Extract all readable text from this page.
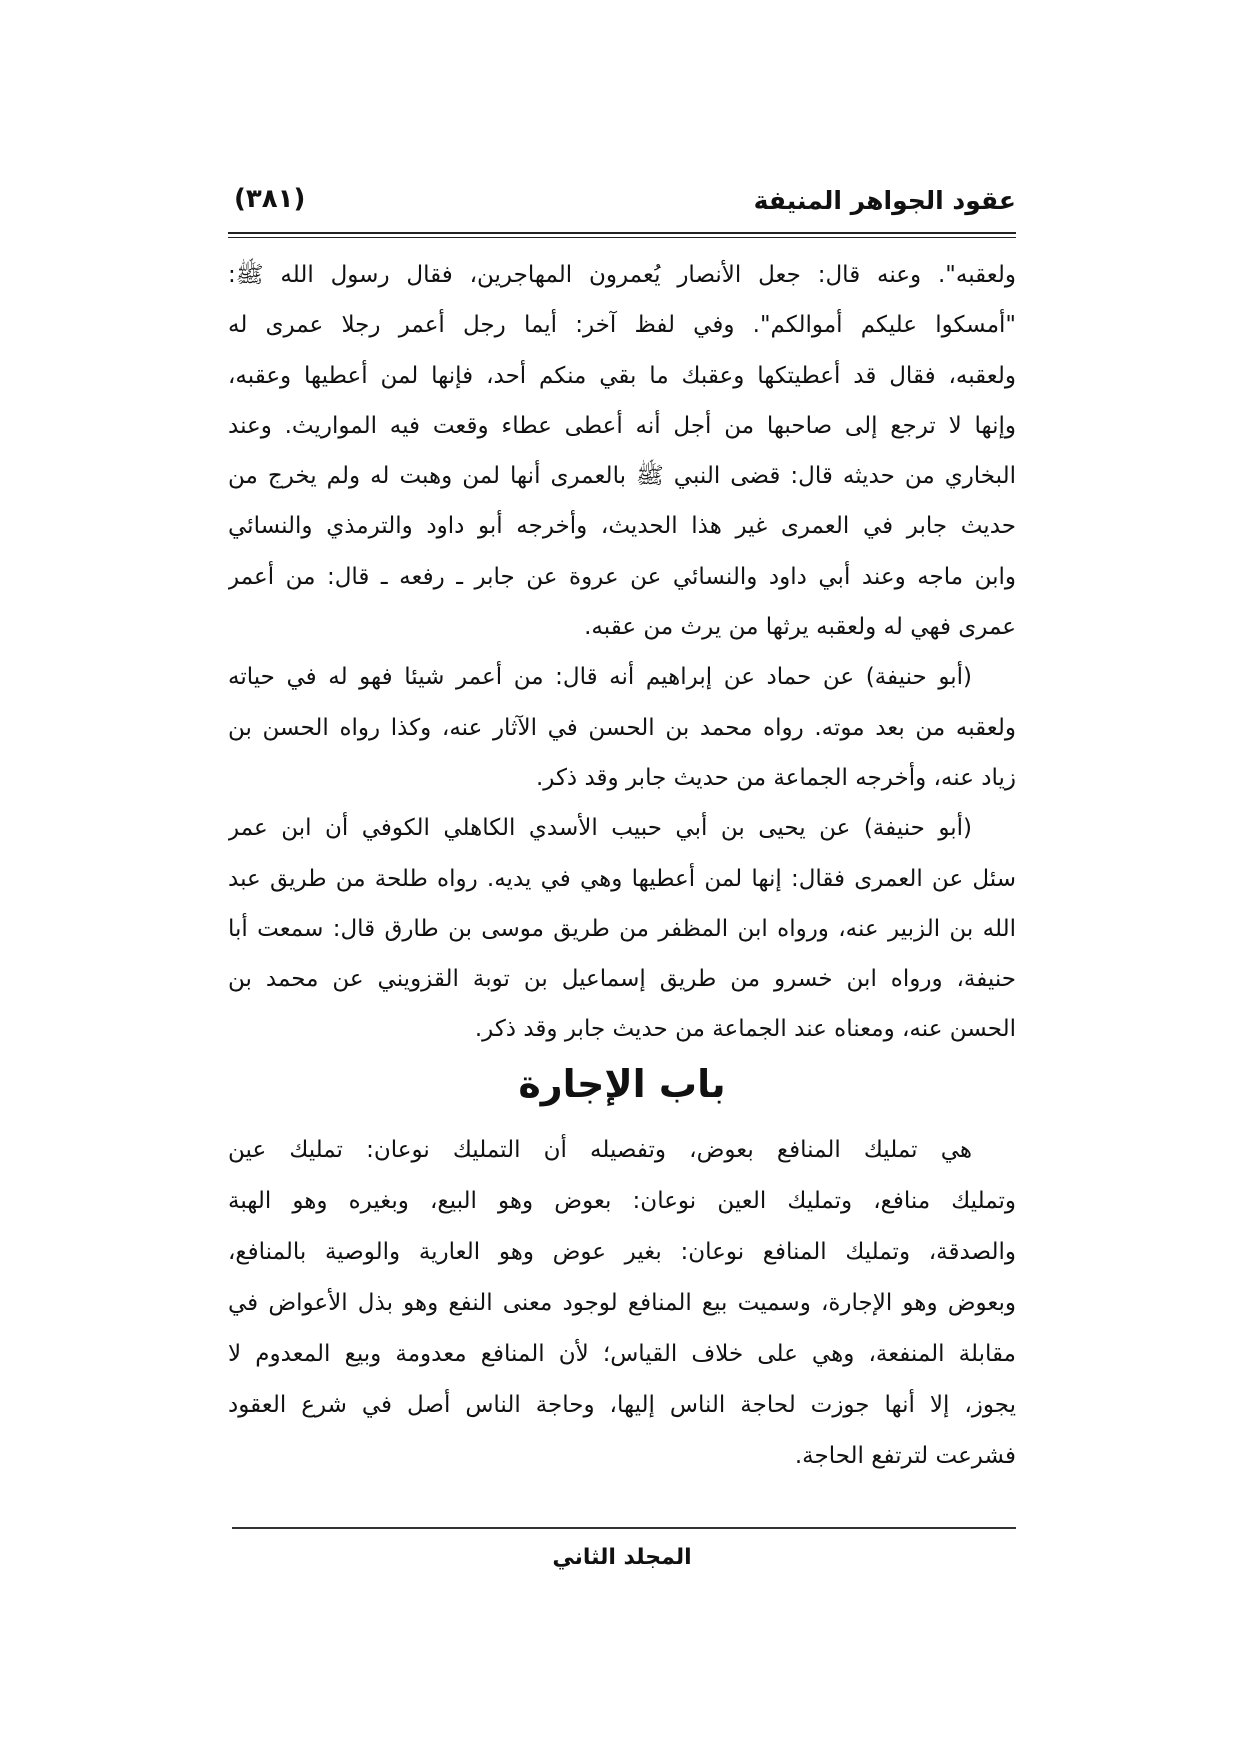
عقود الجواهر المنيفة
(٣٨١)
ولعقبه". وعنه قال: جعل الأنصار يُعمرون المهاجرين، فقال رسول الله ﷺ:
"أمسكوا عليكم أموالكم". وفي لفظ آخر: أيما رجل أعمر رجلا عمرى له
ولعقبه، فقال قد أعطيتكها وعقبك ما بقي منكم أحد، فإنها لمن أعطيها وعقبه،
وإنها لا ترجع إلى صاحبها من أجل أنه أعطى عطاء وقعت فيه المواريث. وعند
البخاري من حديثه قال: قضى النبي ﷺ بالعمرى أنها لمن وهبت له ولم يخرج من
حديث جابر في العمرى غير هذا الحديث، وأخرجه أبو داود والترمذي والنسائي
وابن ماجه وعند أبي داود والنسائي عن عروة عن جابر ـ رفعه ـ قال: من أعمر
عمرى فهي له ولعقبه يرثها من يرث من عقبه.
(أبو حنيفة) عن حماد عن إبراهيم أنه قال: من أعمر شيئا فهو له في حياته
ولعقبه من بعد موته. رواه محمد بن الحسن في الآثار عنه، وكذا رواه الحسن بن
زياد عنه، وأخرجه الجماعة من حديث جابر وقد ذكر.
(أبو حنيفة) عن يحيى بن أبي حبيب الأسدي الكاهلي الكوفي أن ابن عمر
سئل عن العمرى فقال: إنها لمن أعطيها وهي في يديه. رواه طلحة من طريق عبد
الله بن الزبير عنه، ورواه ابن المظفر من طريق موسى بن طارق قال: سمعت أبا
حنيفة، ورواه ابن خسرو من طريق إسماعيل بن توبة القزويني عن محمد بن
الحسن عنه، ومعناه عند الجماعة من حديث جابر وقد ذكر.
باب الإجارة
هي تمليك المنافع بعوض، وتفصيله أن التمليك نوعان: تمليك عين
وتمليك منافع، وتمليك العين نوعان: بعوض وهو البيع، وبغيره وهو الهبة
والصدقة، وتمليك المنافع نوعان: بغير عوض وهو العارية والوصية بالمنافع،
وبعوض وهو الإجارة، وسميت بيع المنافع لوجود معنى النفع وهو بذل الأعواض في
مقابلة المنفعة، وهي على خلاف القياس؛ لأن المنافع معدومة وبيع المعدوم لا
يجوز، إلا أنها جوزت لحاجة الناس إليها، وحاجة الناس أصل في شرع العقود
فشرعت لترتفع الحاجة.
المجلد الثاني
